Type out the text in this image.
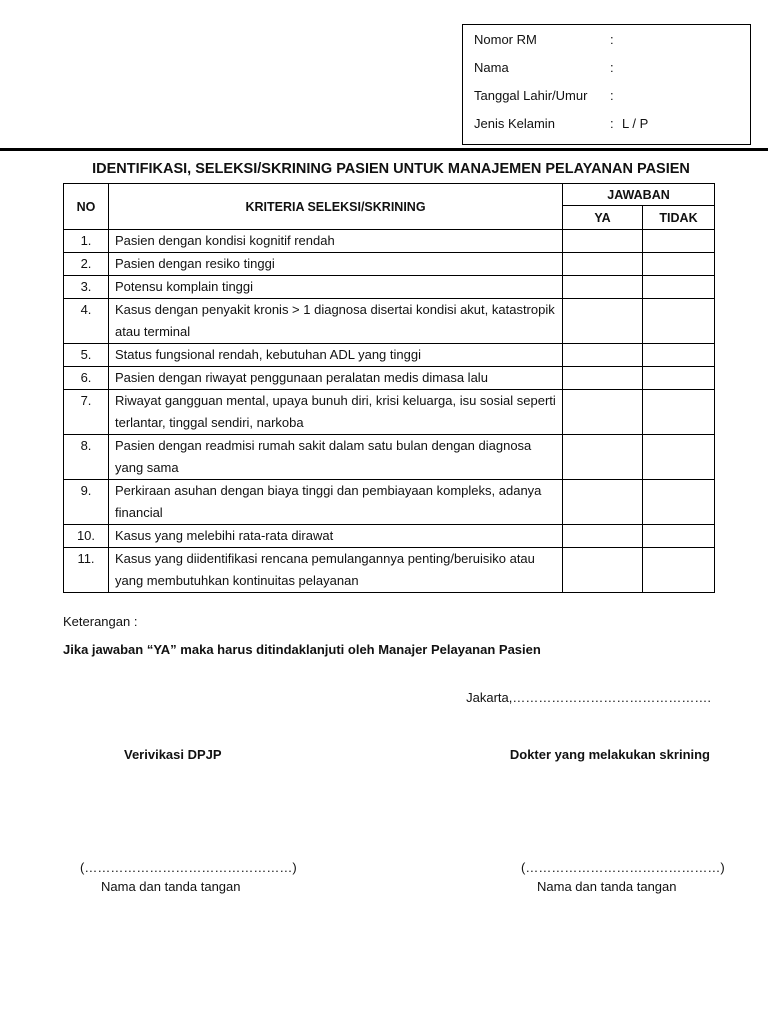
Nomor RM	:
Nama	:
Tanggal Lahir/Umur	:
Jenis Kelamin	: L / P
IDENTIFIKASI, SELEKSI/SKRINING PASIEN UNTUK MANAJEMEN PELAYANAN PASIEN
NO	KRITERIA SELEKSI/SKRINING	JAWABAN	
		YA	TIDAK
1.	Pasien dengan kondisi kognitif rendah		
2.	Pasien dengan resiko tinggi		
3.	Potensu komplain tinggi		
4.	Kasus dengan penyakit kronis > 1 diagnosa disertai kondisi akut, katastropik atau terminal		
5.	Status fungsional rendah, kebutuhan ADL yang tinggi		
6.	Pasien dengan riwayat penggunaan peralatan medis dimasa lalu		
7.	Riwayat gangguan mental, upaya bunuh diri, krisi keluarga, isu sosial seperti terlantar, tinggal sendiri, narkoba		
8.	Pasien dengan readmisi rumah sakit dalam satu bulan dengan diagnosa yang sama		
9.	Perkiraan asuhan dengan biaya tinggi dan pembiayaan kompleks, adanya financial		
10.	Kasus yang melebihi rata-rata dirawat		
11.	Kasus yang diidentifikasi rencana pemulangannya penting/beruisiko atau yang membutuhkan kontinuitas pelayanan		
Keterangan :
Jika jawaban “YA” maka harus ditindaklanjuti oleh Manajer Pelayanan Pasien
Jakarta,……………………………………….
Verivikasi DPJP	Dokter yang melakukan skrining
(…………………………………………)
Nama dan tanda tangan
(………………………………………)
Nama dan tanda tangan
